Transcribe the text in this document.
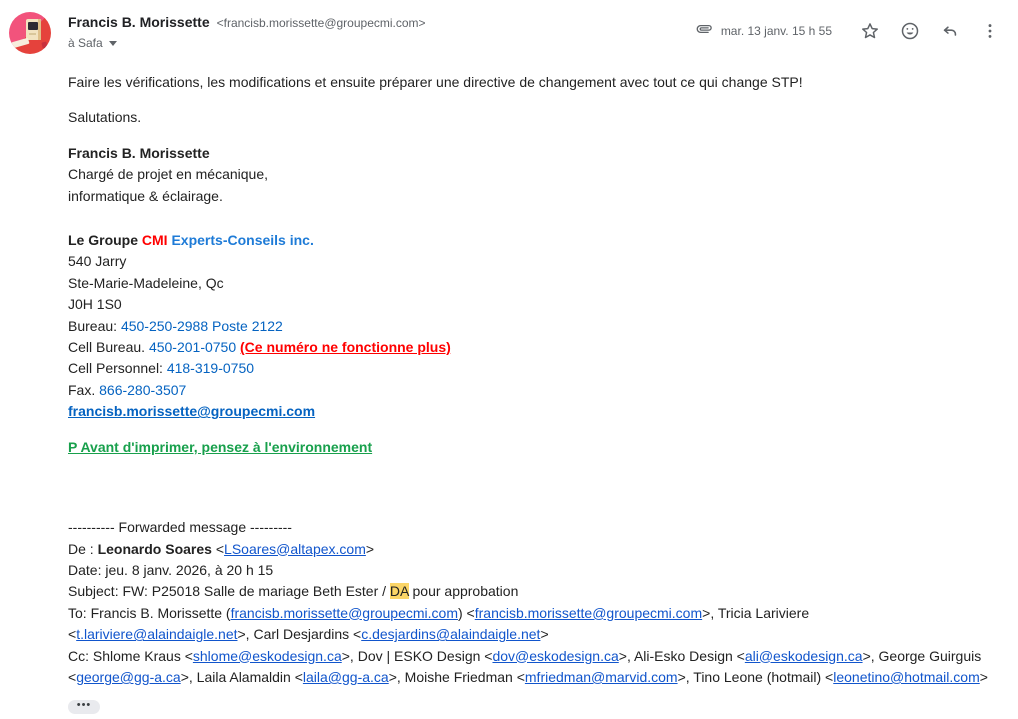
Francis B. Morissette <francisb.morissette@groupecmi.com>
à Safa
mar. 13 janv. 15 h 55
Faire les vérifications, les modifications et ensuite préparer une directive de changement avec tout ce qui change STP!
Salutations.
Francis B. Morissette
Chargé de projet en mécanique,
informatique & éclairage.
Le Groupe CMI Experts-Conseils inc.
540 Jarry
Ste-Marie-Madeleine, Qc
J0H 1S0
Bureau: 450-250-2988 Poste 2122
Cell Bureau. 450-201-0750 (Ce numéro ne fonctionne plus)
Cell Personnel: 418-319-0750
Fax. 866-280-3507
francisb.morissette@groupecmi.com
P Avant d'imprimer, pensez à l'environnement
---------- Forwarded message ---------
De : Leonardo Soares <LSoares@altapex.com>
Date: jeu. 8 janv. 2026, à 20 h 15
Subject: FW: P25018 Salle de mariage Beth Ester / DA pour approbation
To: Francis B. Morissette (francisb.morissette@groupecmi.com) <francisb.morissette@groupecmi.com>, Tricia Lariviere
<t.lariviere@alaindaigle.net>, Carl Desjardins <c.desjardins@alaindaigle.net>
Cc: Shlome Kraus <shlome@eskodesign.ca>, Dov | ESKO Design <dov@eskodesign.ca>, Ali-Esko Design <ali@eskodesign.ca>, George Guirguis
<george@gg-a.ca>, Laila Alamaldin <laila@gg-a.ca>, Moishe Friedman <mfriedman@marvid.com>, Tino Leone (hotmail) <leonetino@hotmail.com>
•••
